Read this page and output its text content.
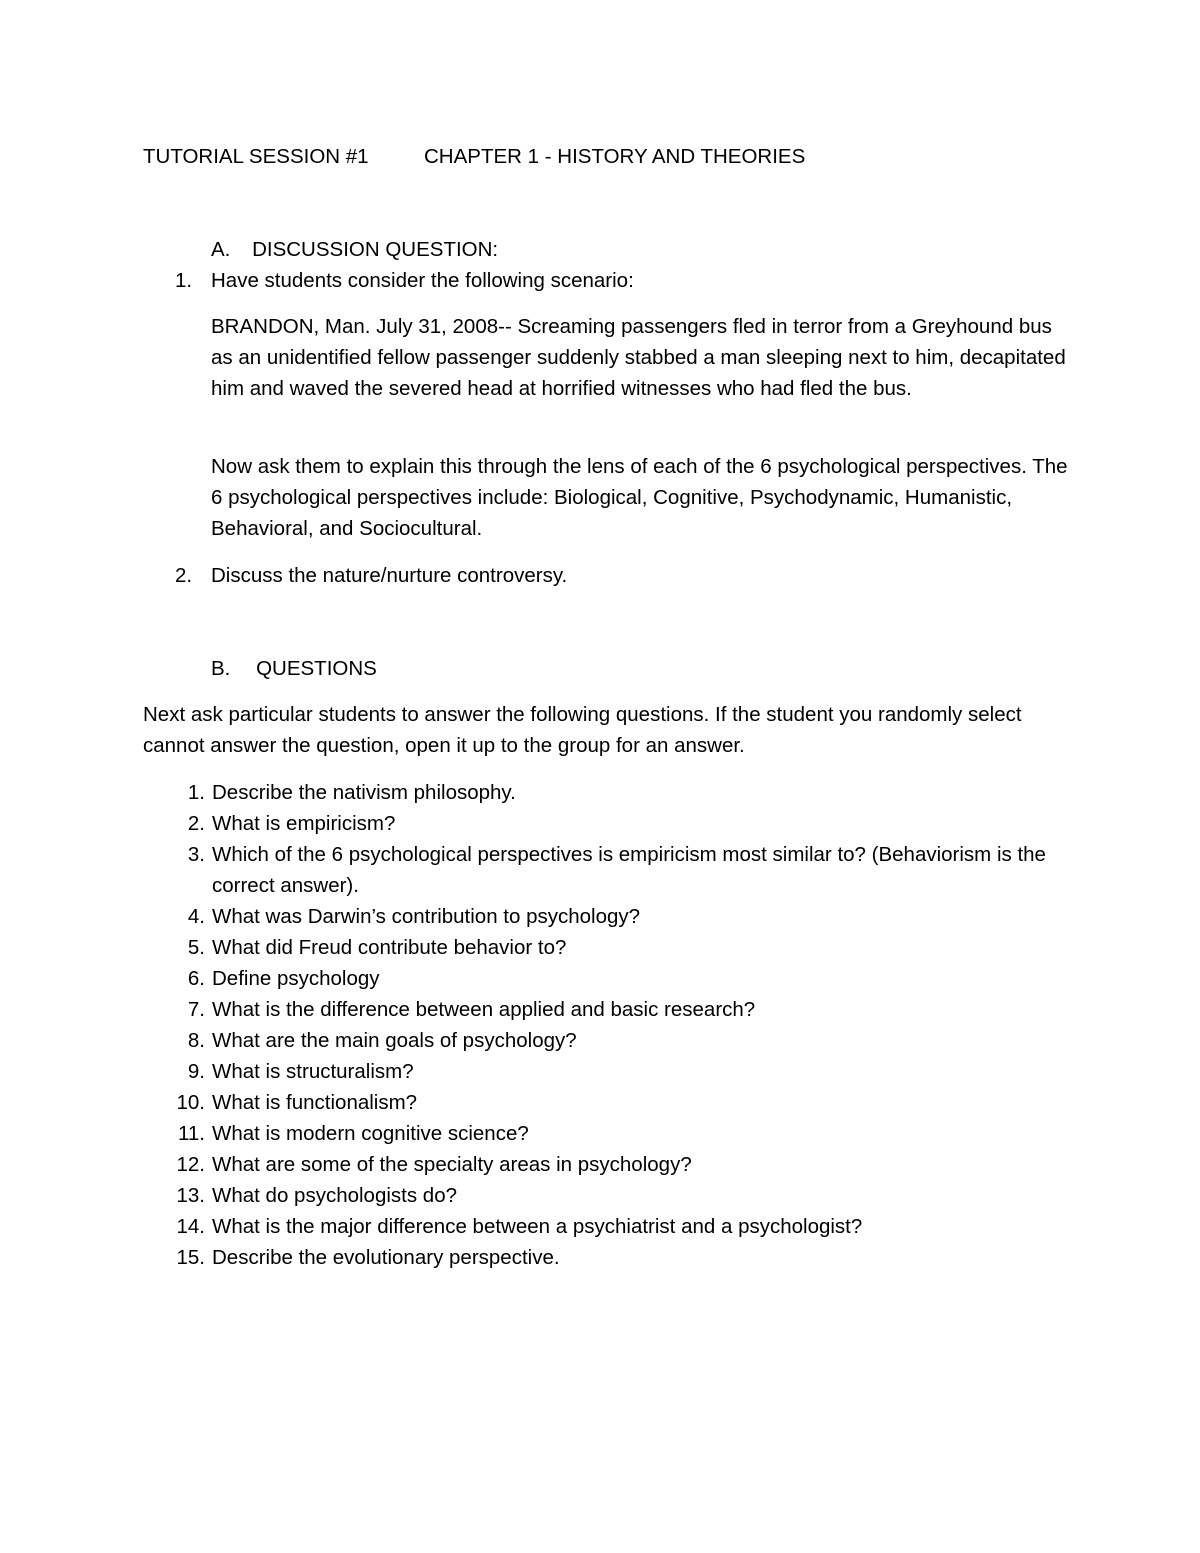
TUTORIAL SESSION #1	CHAPTER 1 - HISTORY AND THEORIES
A. DISCUSSION QUESTION:
1. Have students consider the following scenario:
BRANDON, Man. July 31, 2008-- Screaming passengers fled in terror from a Greyhound bus as an unidentified fellow passenger suddenly stabbed a man sleeping next to him, decapitated him and waved the severed head at horrified witnesses who had fled the bus.
Now ask them to explain this through the lens of each of the 6 psychological perspectives. The 6 psychological perspectives include: Biological, Cognitive, Psychodynamic, Humanistic, Behavioral, and Sociocultural.
2. Discuss the nature/nurture controversy.
B. QUESTIONS
Next ask particular students to answer the following questions. If the student you randomly select cannot answer the question, open it up to the group for an answer.
1. Describe the nativism philosophy.
2. What is empiricism?
3. Which of the 6 psychological perspectives is empiricism most similar to? (Behaviorism is the correct answer).
4. What was Darwin’s contribution to psychology?
5. What did Freud contribute behavior to?
6. Define psychology
7. What is the difference between applied and basic research?
8. What are the main goals of psychology?
9. What is structuralism?
10. What is functionalism?
11. What is modern cognitive science?
12. What are some of the specialty areas in psychology?
13. What do psychologists do?
14. What is the major difference between a psychiatrist and a psychologist?
15. Describe the evolutionary perspective.
